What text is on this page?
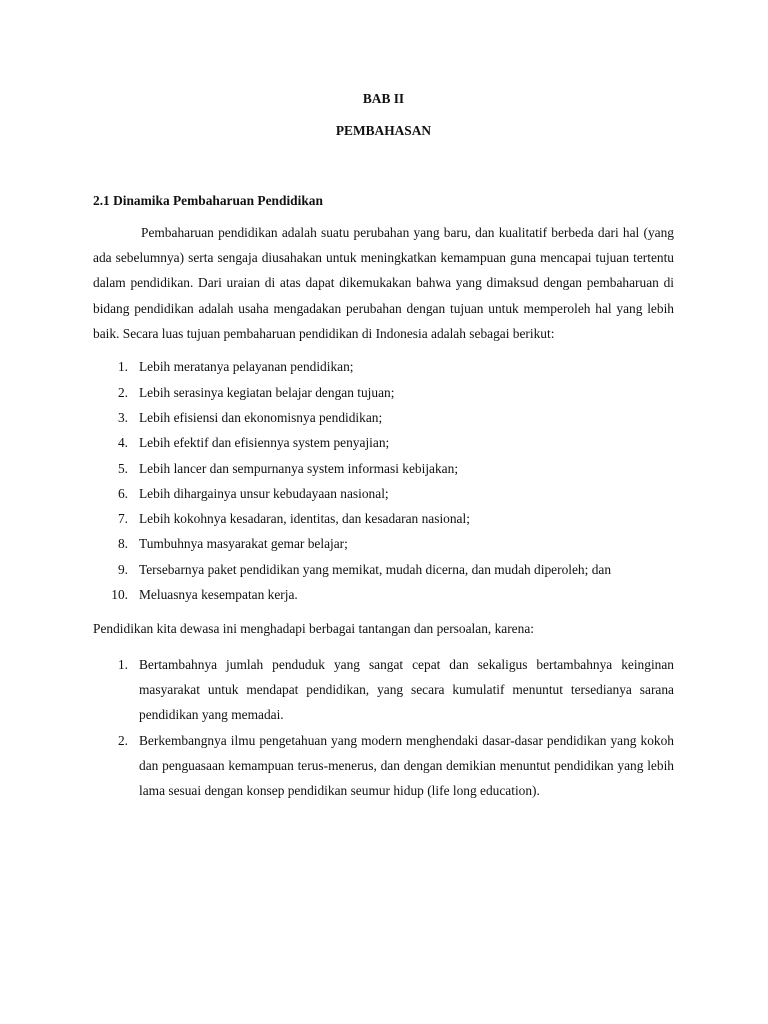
BAB II

PEMBAHASAN

2.1 Dinamika Pembaharuan Pendidikan

Pembaharuan pendidikan adalah suatu perubahan yang baru, dan kualitatif berbeda dari hal (yang ada sebelumnya) serta sengaja diusahakan untuk meningkatkan kemampuan guna mencapai tujuan tertentu dalam pendidikan. Dari uraian di atas dapat dikemukakan bahwa yang dimaksud dengan pembaharuan di bidang pendidikan adalah usaha mengadakan perubahan dengan tujuan untuk memperoleh hal yang lebih baik. Secara luas tujuan pembaharuan pendidikan di Indonesia adalah sebagai berikut:

1. Lebih meratanya pelayanan pendidikan;
2. Lebih serasinya kegiatan belajar dengan tujuan;
3. Lebih efisiensi dan ekonomisnya pendidikan;
4. Lebih efektif dan efisiennya system penyajian;
5. Lebih lancer dan sempurnanya system informasi kebijakan;
6. Lebih dihargainya unsur kebudayaan nasional;
7. Lebih kokohnya kesadaran, identitas, dan kesadaran nasional;
8. Tumbuhnya masyarakat gemar belajar;
9. Tersebarnya paket pendidikan yang memikat, mudah dicerna, dan mudah diperoleh; dan
10. Meluasnya kesempatan kerja.

Pendidikan kita dewasa ini menghadapi berbagai tantangan dan persoalan, karena:

1. Bertambahnya jumlah penduduk yang sangat cepat dan sekaligus bertambahnya keinginan masyarakat untuk mendapat pendidikan, yang secara kumulatif menuntut tersedianya sarana pendidikan yang memadai.
2. Berkembangnya ilmu pengetahuan yang modern menghendaki dasar-dasar pendidikan yang kokoh dan penguasaan kemampuan terus-menerus, dan dengan demikian menuntut pendidikan yang lebih lama sesuai dengan konsep pendidikan seumur hidup (life long education).
